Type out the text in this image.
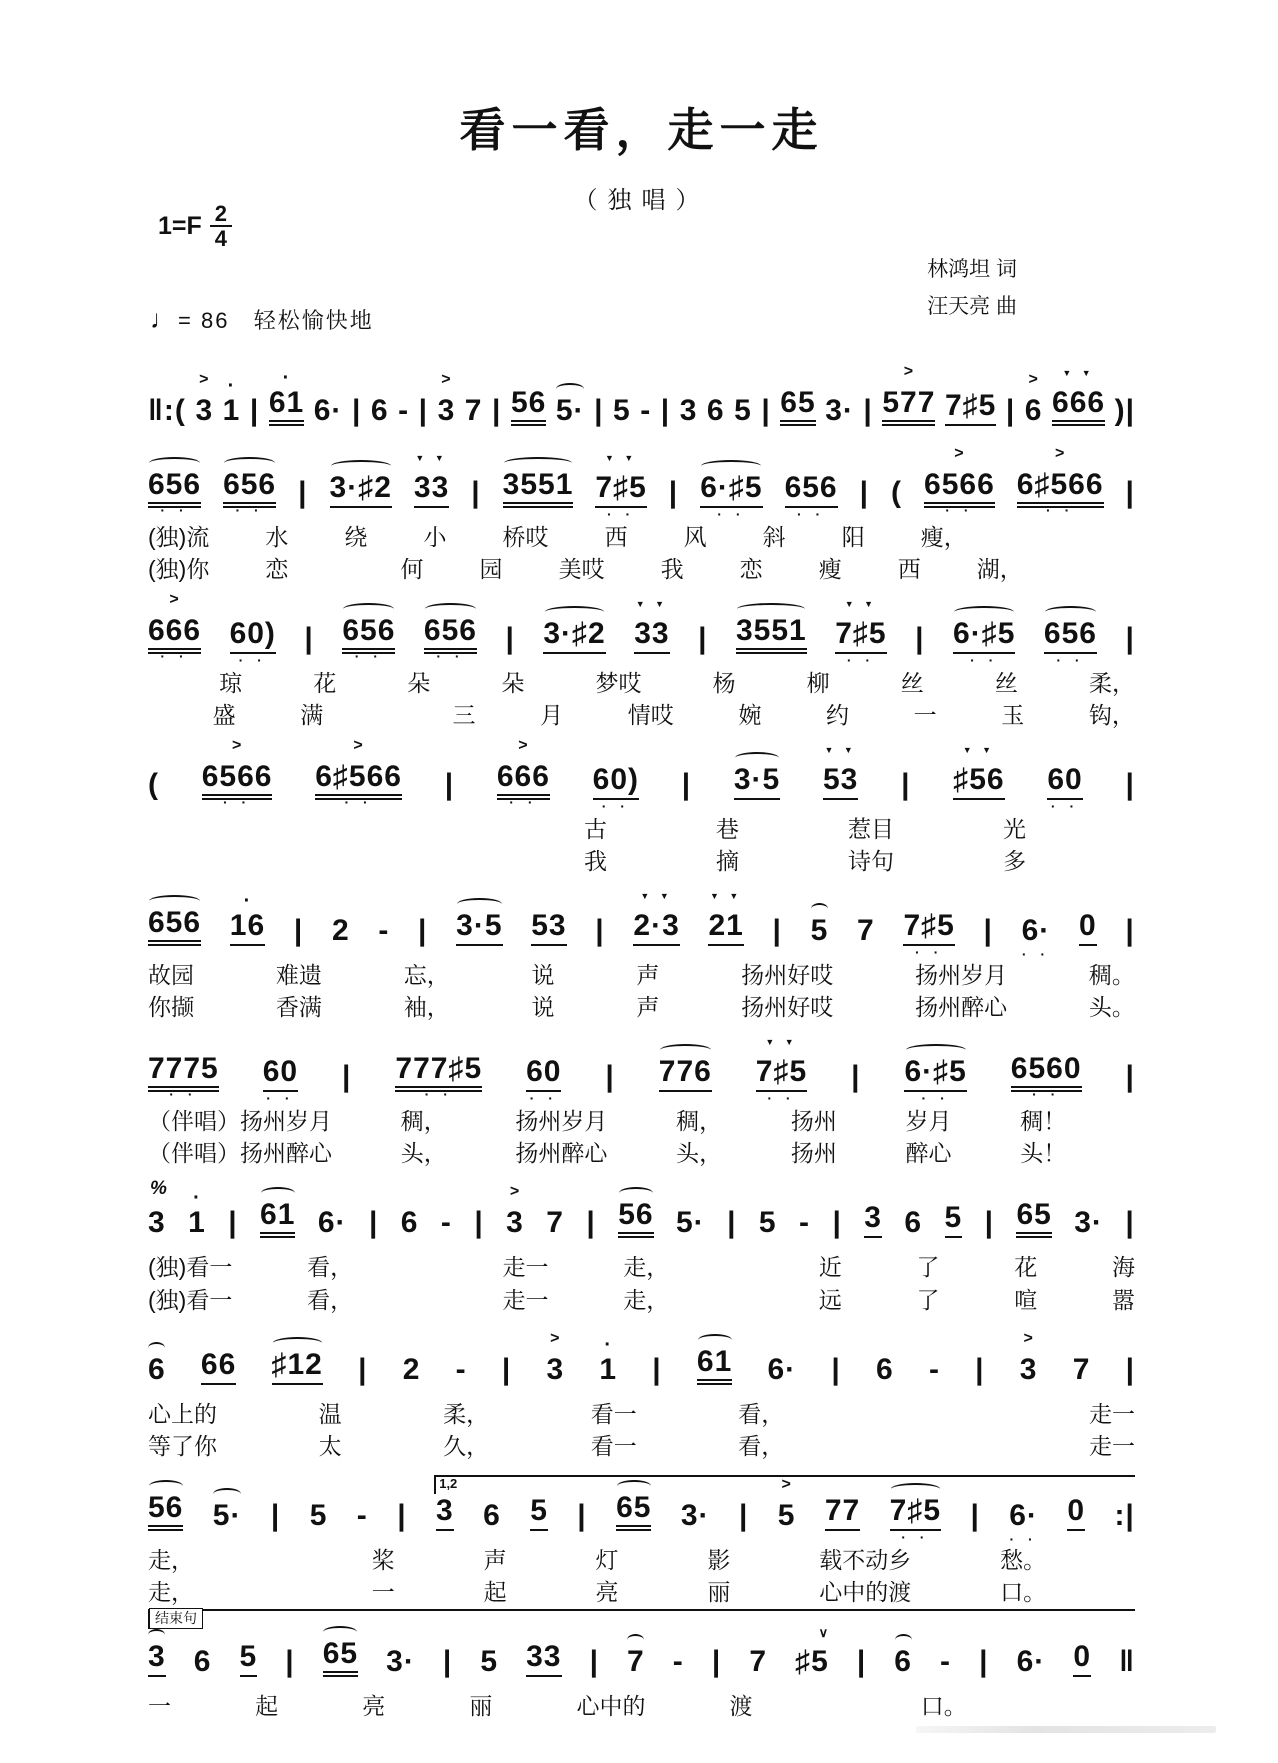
看一看，走一走
（独唱）
$1=F \frac{2}{4}$
♩= 86 轻松愉快地
林鸿坦 词
汪天亮 曲
‖:( > 3 · 1 | · 61 6· | 6 - | > 3 7 | 56 5· | 5 - | 3 6 5 | 65 3· | > 577 7♯5 | > 6 ▼ ▼ 666 )|
656 · · 656 · · | 3·♯2 ▼ ▼ 33 | 3551 ▼ ▼ 7♯5 · · | 6·♯5 · · 656 · · | ( > 6566 · · > 6♯566 · · |
(独)流 水 绕 小 桥哎 西 风 斜 阳 瘦，
(独)你 恋	何 园 美哎 我 恋 瘦 西 湖，
> 666 · · 60) · · | 656 · · 656 · · | 3·♯2 ▼ ▼ 33 | 3551 ▼ ▼ 7♯5 · · | 6·♯5 · · 656 · · |
琼	花	朵	朵	梦哎	杨	柳	丝	丝	柔，
盛	满	三	月	情哎	婉	约	一	玉	钩，
( > 6566 · · > 6♯566 · · | > 666 · · 60) · · | 3·5 ▼ ▼ 53 | ▼ ▼ ♯56 60 · · |
古	巷	惹目	光
我	摘	诗句	多
656 · 16 | 2 - | 3·5 53 | ▼ ▼ 2·3 ▼ ▼ 21 | 5 7 7♯5 · · | 6· · · 0 |
故园	难遗	忘，	说	声	扬州好哎	扬州岁月	稠。
你撷	香满	袖，	说	声	扬州好哎	扬州醉心	头。
7775 · · 60 · · | 777♯5 · · 60 · · | 776 ▼ ▼ 7♯5 · · | 6·♯5 · · 6560 · · |
（伴唱）扬州岁月	稠，	扬州岁月	稠，	扬州	岁月	稠！
（伴唱）扬州醉心	头，	扬州醉心	头，	扬州	醉心	头！
%
3 · 1 | 61 6· | 6 - | > 3 7 | 56 5· | 5 - | 3 6 5 | 65 3· |
(独)看一	看，	走一	走，	近	了	花	海
(独)看一	看，	走一	走，	远	了	喧	嚣
6 66 ♯12 | 2 - | > 3 · 1 | 61 6· | 6 - | > 3 7 |
心上的	温	柔，	看一	看，	走一
等了你	太	久，	看一	看，	走一
1,2
56 5· | 5 - | 3 6 5 | 65 3· | > 5 77 7♯5 · · | 6· · · 0 :|
走，	桨	声	灯	影	载不动乡	愁。
走，	一	起	亮	丽	心中的渡	口。
结束句
3 6 5 | 65 3· | 5 33 | 7 - | 7 ∨ ♯5 | 6 - | 6· 0 ‖
一	起	亮	丽	心中的	渡	口。
